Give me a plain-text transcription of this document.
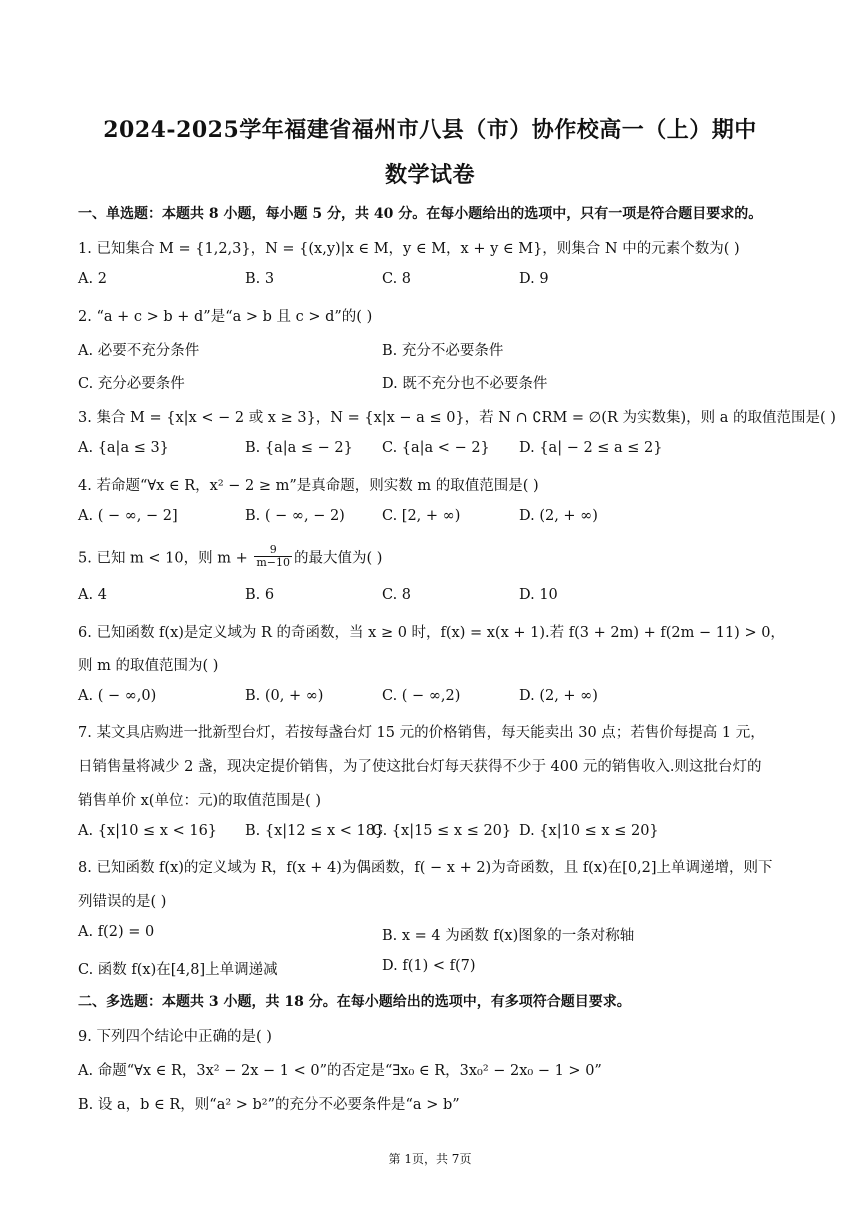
2024-2025学年福建省福州市八县（市）协作校高一（上）期中
数学试卷
一、单选题：本题共 8 小题，每小题 5 分，共 40 分。在每小题给出的选项中，只有一项是符合题目要求的。
1. 已知集合 M = {1,2,3}，N = {(x,y)|x ∈ M，y ∈ M，x + y ∈ M}，则集合 N 中的元素个数为( )
A. 2	B. 3	C. 8	D. 9
2. “a + c > b + d”是“a > b 且 c > d”的( )
A. 必要不充分条件	B. 充分不必要条件
C. 充分必要条件	D. 既不充分也不必要条件
3. 集合 M = {x|x < − 2 或 x ≥ 3}，N = {x|x − a ≤ 0}，若 N ∩ ∁RM = ∅(R 为实数集)，则 a 的取值范围是( )
A. {a|a ≤ 3}	B. {a|a ≤ − 2} C. {a|a < − 2} D. {a| − 2 ≤ a ≤ 2}
4. 若命题“∀x ∈ R，x² − 2 ≥ m”是真命题，则实数 m 的取值范围是( )
A. ( − ∞, − 2]	B. ( − ∞, − 2)	C. [2, + ∞)	D. (2, + ∞)
5. 已知 m < 10，则 $m + \frac{9}{m-10}$ 的最大值为( )
A. 4	B. 6	C. 8	D. 10
6. 已知函数 f(x)是定义域为 R 的奇函数，当 x ≥ 0 时，f(x) = x(x + 1).若 f(3 + 2m) + f(2m − 11) > 0，
则 m 的取值范围为( )
A. ( − ∞,0)	B. (0, + ∞)	C. ( − ∞,2)	D. (2, + ∞)
7. 某文具店购进一批新型台灯，若按每盏台灯 15 元的价格销售，每天能卖出 30 点；若售价每提高 1 元，
日销售量将减少 2 盏，现决定提价销售，为了使这批台灯每天获得不少于 400 元的销售收入.则这批台灯的
销售单价 x(单位：元)的取值范围是( )
A. {x|10 ≤ x < 16} B. {x|12 ≤ x < 18}
C. {x|15 ≤ x ≤ 20} D. {x|10 ≤ x ≤ 20}
8. 已知函数 f(x)的定义域为 R，f(x + 4)为偶函数，f( − x + 2)为奇函数，且 f(x)在[0,2]上单调递增，则下
列错误的是( )
A. f(2) = 0	B. x = 4 为函数 f(x)图象的一条对称轴
C. 函数 f(x)在[4,8]上单调递减	D. f(1) < f(7)
二、多选题：本题共 3 小题，共 18 分。在每小题给出的选项中，有多项符合题目要求。
9. 下列四个结论中正确的是( )
A. 命题“∀x ∈ R，3x² − 2x − 1 < 0”的否定是“∃x₀ ∈ R，3x₀² − 2x₀ − 1 > 0”
B. 设 a，b ∈ R，则“a² > b²”的充分不必要条件是“a > b”
第 1页，共 7页
